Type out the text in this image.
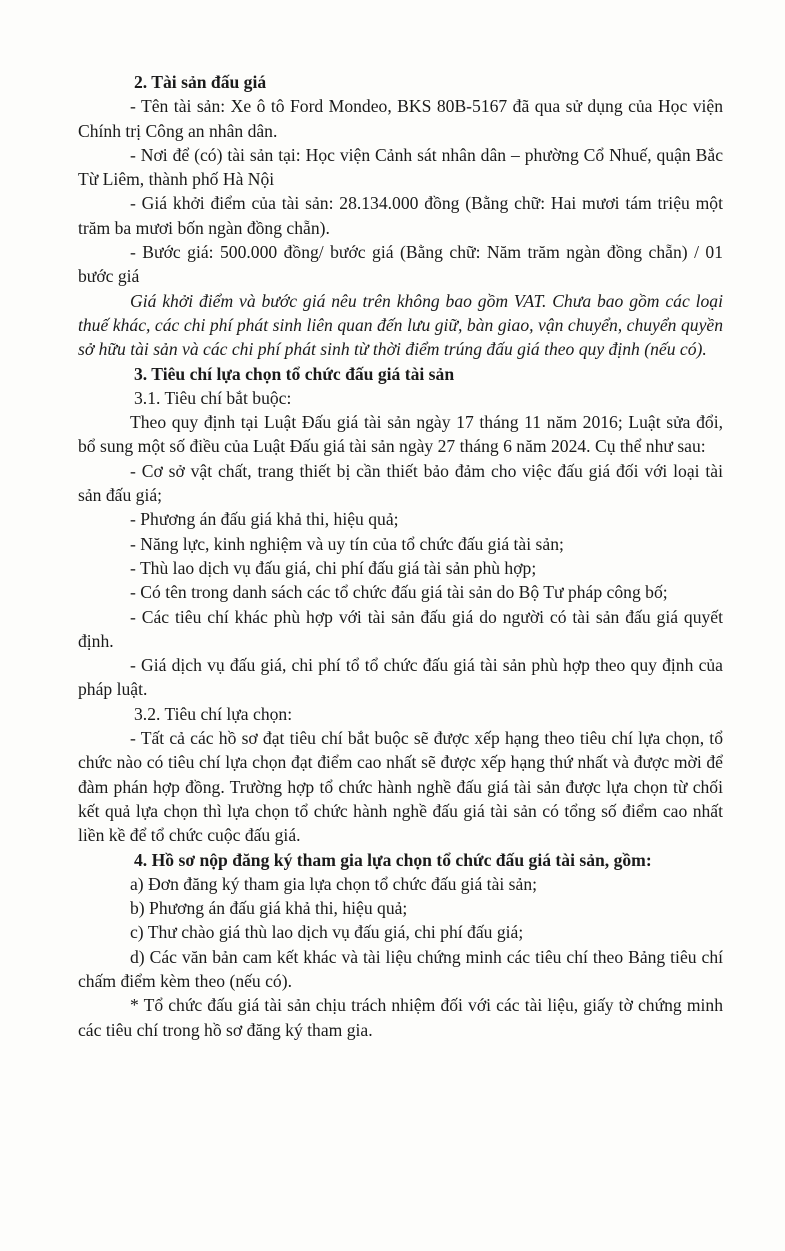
2. Tài sản đấu giá

- Tên tài sản: Xe ô tô Ford Mondeo, BKS 80B-5167 đã qua sử dụng của Học viện Chính trị Công an nhân dân.

- Nơi để (có) tài sản tại: Học viện Cảnh sát nhân dân – phường Cổ Nhuế, quận Bắc Từ Liêm, thành phố Hà Nội

- Giá khởi điểm của tài sản: 28.134.000 đồng (Bằng chữ: Hai mươi tám triệu một trăm ba mươi bốn ngàn đồng chẵn).

- Bước giá: 500.000 đồng/ bước giá (Bằng chữ: Năm trăm ngàn đồng chẵn) / 01 bước giá

Giá khởi điểm và bước giá nêu trên không bao gồm VAT. Chưa bao gồm các loại thuế khác, các chi phí phát sinh liên quan đến lưu giữ, bàn giao, vận chuyển, chuyển quyền sở hữu tài sản và các chi phí phát sinh từ thời điểm trúng đấu giá theo quy định (nếu có).

3. Tiêu chí lựa chọn tổ chức đấu giá tài sản

3.1. Tiêu chí bắt buộc:

Theo quy định tại Luật Đấu giá tài sản ngày 17 tháng 11 năm 2016; Luật sửa đổi, bổ sung một số điều của Luật Đấu giá tài sản ngày 27 tháng 6 năm 2024. Cụ thể như sau:

- Cơ sở vật chất, trang thiết bị cần thiết bảo đảm cho việc đấu giá đối với loại tài sản đấu giá;

- Phương án đấu giá khả thi, hiệu quả;

- Năng lực, kinh nghiệm và uy tín của tổ chức đấu giá tài sản;

- Thù lao dịch vụ đấu giá, chi phí đấu giá tài sản phù hợp;

- Có tên trong danh sách các tổ chức đấu giá tài sản do Bộ Tư pháp công bố;

- Các tiêu chí khác phù hợp với tài sản đấu giá do người có tài sản đấu giá quyết định.

- Giá dịch vụ đấu giá, chi phí tổ tổ chức đấu giá tài sản phù hợp theo quy định của pháp luật.

3.2. Tiêu chí lựa chọn:

- Tất cả các hồ sơ đạt tiêu chí bắt buộc sẽ được xếp hạng theo tiêu chí lựa chọn, tổ chức nào có tiêu chí lựa chọn đạt điểm cao nhất sẽ được xếp hạng thứ nhất và được mời để đàm phán hợp đồng. Trường hợp tổ chức hành nghề đấu giá tài sản được lựa chọn từ chối kết quả lựa chọn thì lựa chọn tổ chức hành nghề đấu giá tài sản có tổng số điểm cao nhất liền kề để tổ chức cuộc đấu giá.

4. Hồ sơ nộp đăng ký tham gia lựa chọn tổ chức đấu giá tài sản, gồm:

a) Đơn đăng ký tham gia lựa chọn tổ chức đấu giá tài sản;

b) Phương án đấu giá khả thi, hiệu quả;

c) Thư chào giá thù lao dịch vụ đấu giá, chi phí đấu giá;

d) Các văn bản cam kết khác và tài liệu chứng minh các tiêu chí theo Bảng tiêu chí chấm điểm kèm theo (nếu có).

* Tổ chức đấu giá tài sản chịu trách nhiệm đối với các tài liệu, giấy tờ chứng minh các tiêu chí trong hồ sơ đăng ký tham gia.
